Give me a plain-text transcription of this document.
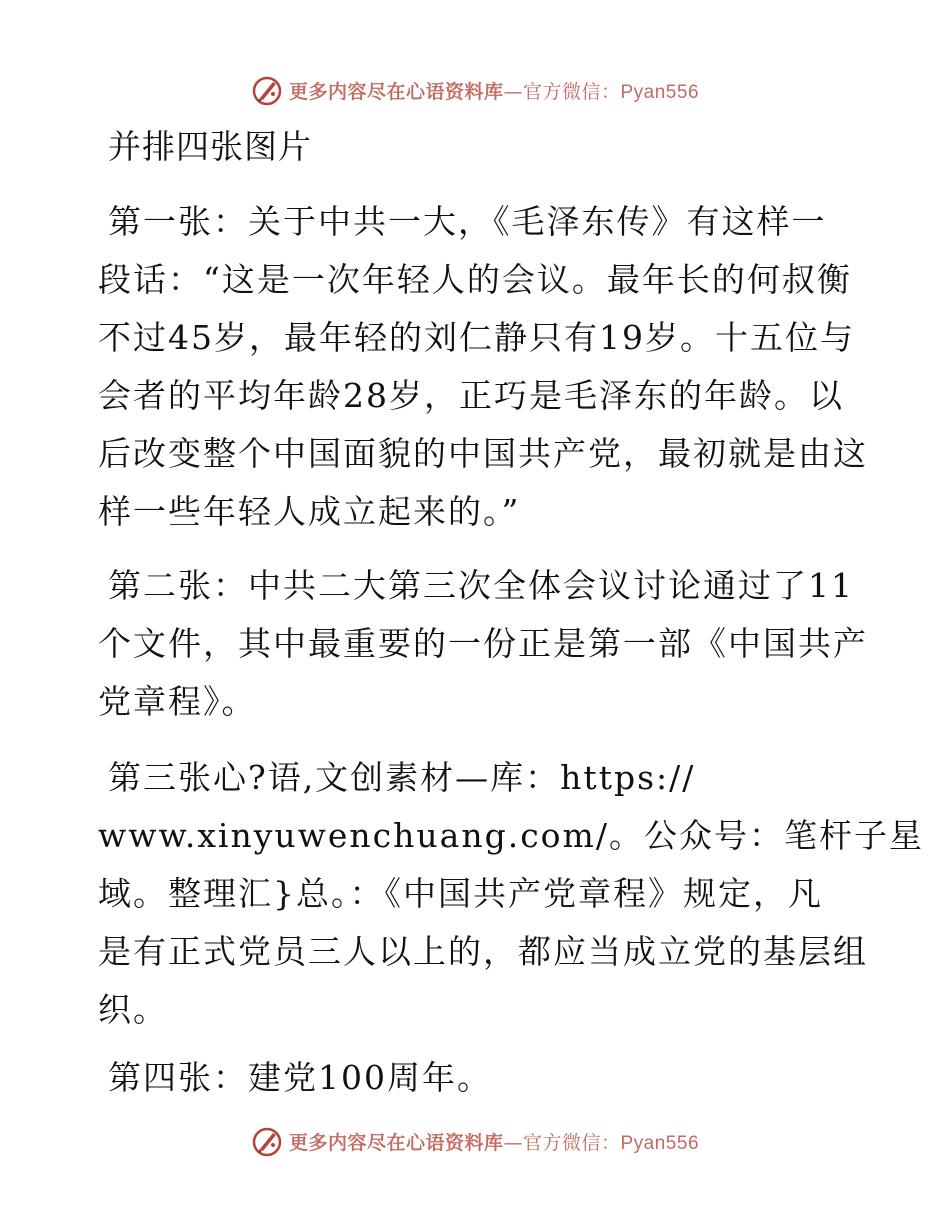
更多内容尽在心语资料库—官方微信：Pyan556
并排四张图片
第一张：关于中共一大，《毛泽东传》有这样一
段话：“这是一次年轻人的会议。最年长的何叔衡
不过45岁，最年轻的刘仁静只有19岁。十五位与
会者的平均年龄28岁，正巧是毛泽东的年龄。以
后改变整个中国面貌的中国共产党，最初就是由这
样一些年轻人成立起来的。”
第二张：中共二大第三次全体会议讨论通过了11
个文件，其中最重要的一份正是第一部《中国共产
党章程》。
第三张心?语,文创素材—库：https://
www.xinyuwenchuang.com/。公众号：笔杆子星
域。整理汇}总。：《中国共产党章程》规定，凡
是有正式党员三人以上的，都应当成立党的基层组
织。
第四张：建党100周年。
更多内容尽在心语资料库—官方微信：Pyan556
